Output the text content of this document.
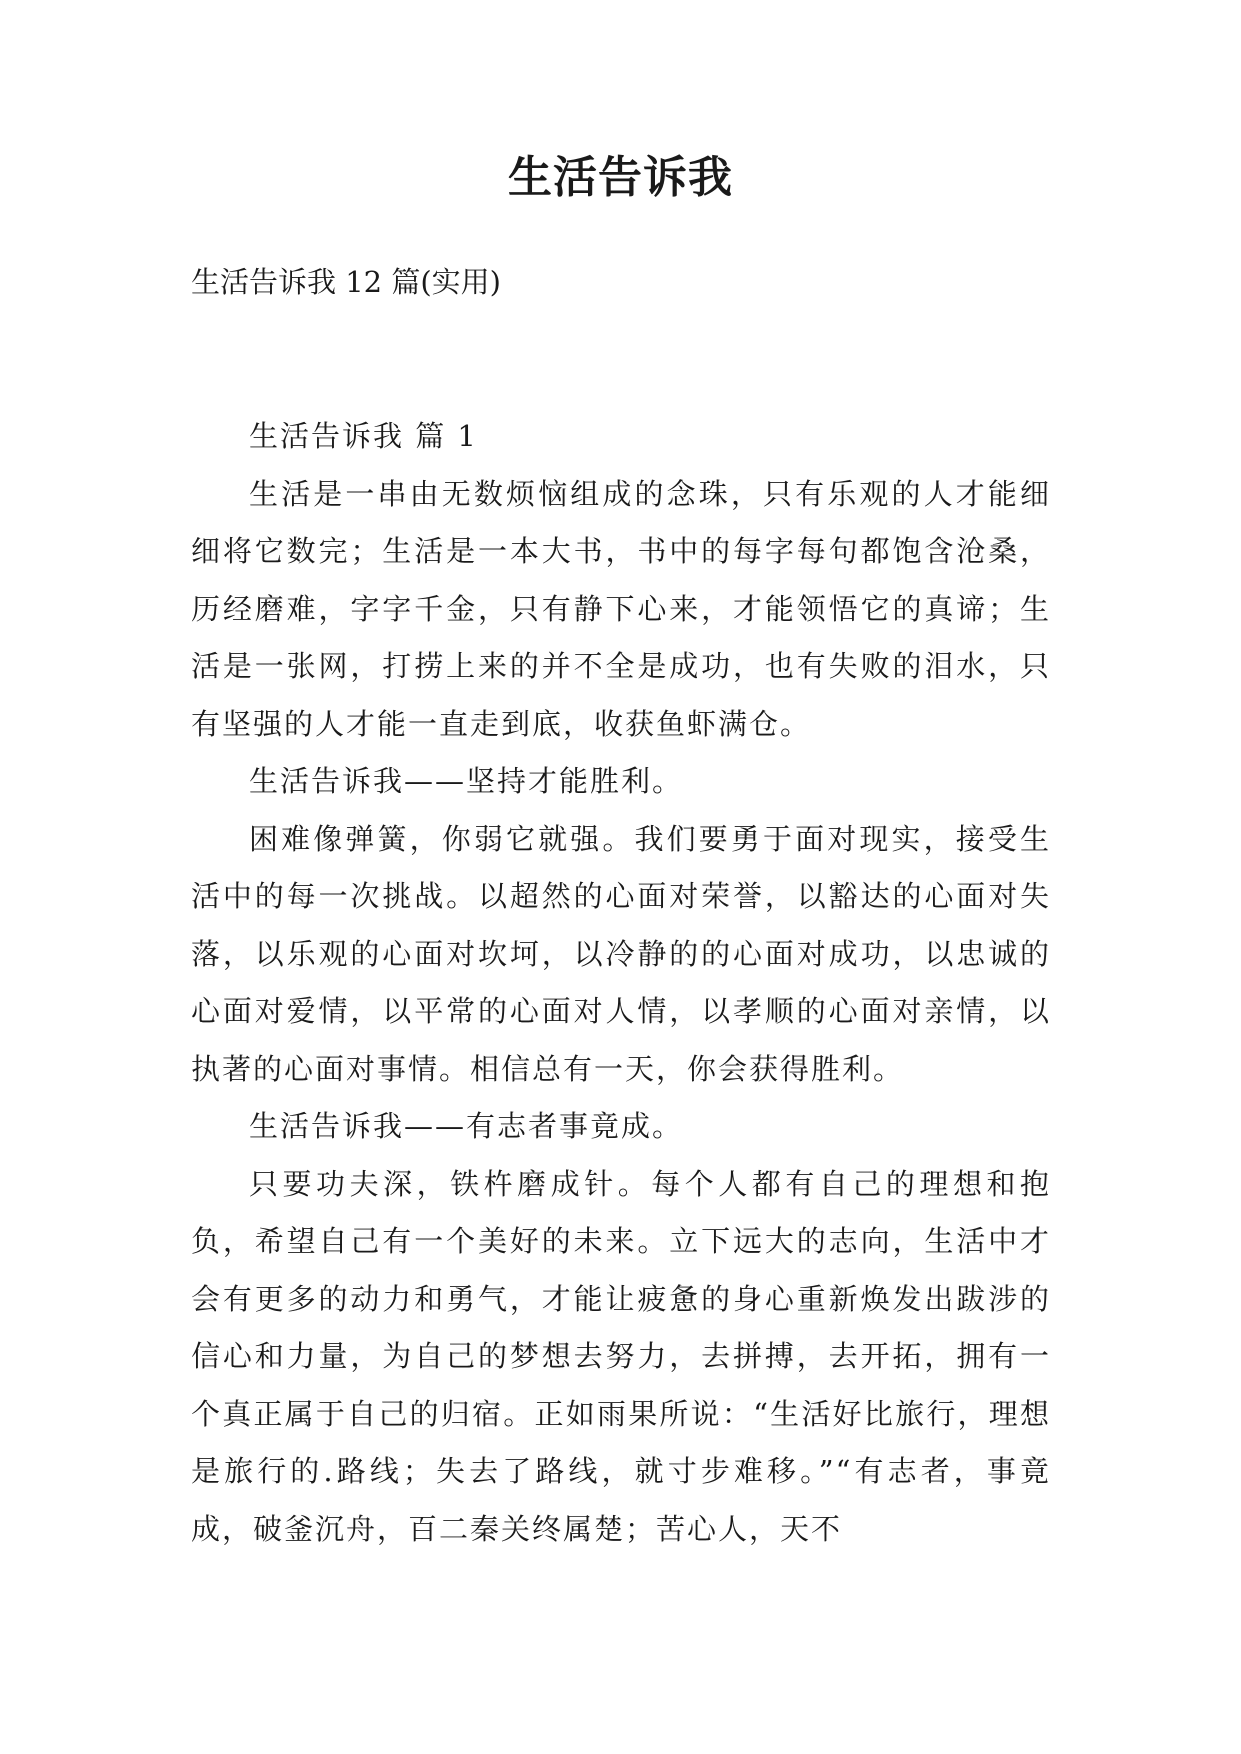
生活告诉我
生活告诉我 12 篇(实用)

生活告诉我 篇 1

生活是一串由无数烦恼组成的念珠，只有乐观的人才能细细将它数完；生活是一本大书，书中的每字每句都饱含沧桑，历经磨难，字字千金，只有静下心来，才能领悟它的真谛；生活是一张网，打捞上来的并不全是成功，也有失败的泪水，只有坚强的人才能一直走到底，收获鱼虾满仓。

生活告诉我——坚持才能胜利。

困难像弹簧，你弱它就强。我们要勇于面对现实，接受生活中的每一次挑战。以超然的心面对荣誉，以豁达的心面对失落，以乐观的心面对坎坷，以冷静的的心面对成功，以忠诚的心面对爱情，以平常的心面对人情，以孝顺的心面对亲情，以执著的心面对事情。相信总有一天，你会获得胜利。

生活告诉我——有志者事竟成。

只要功夫深，铁杵磨成针。每个人都有自己的理想和抱负，希望自己有一个美好的未来。立下远大的志向，生活中才会有更多的动力和勇气，才能让疲惫的身心重新焕发出跋涉的信心和力量，为自己的梦想去努力，去拼搏，去开拓，拥有一个真正属于自己的归宿。正如雨果所说：“生活好比旅行，理想是旅行的.路线；失去了路线，就寸步难移。”“有志者，事竟成，破釜沉舟，百二秦关终属楚；苦心人，天不
